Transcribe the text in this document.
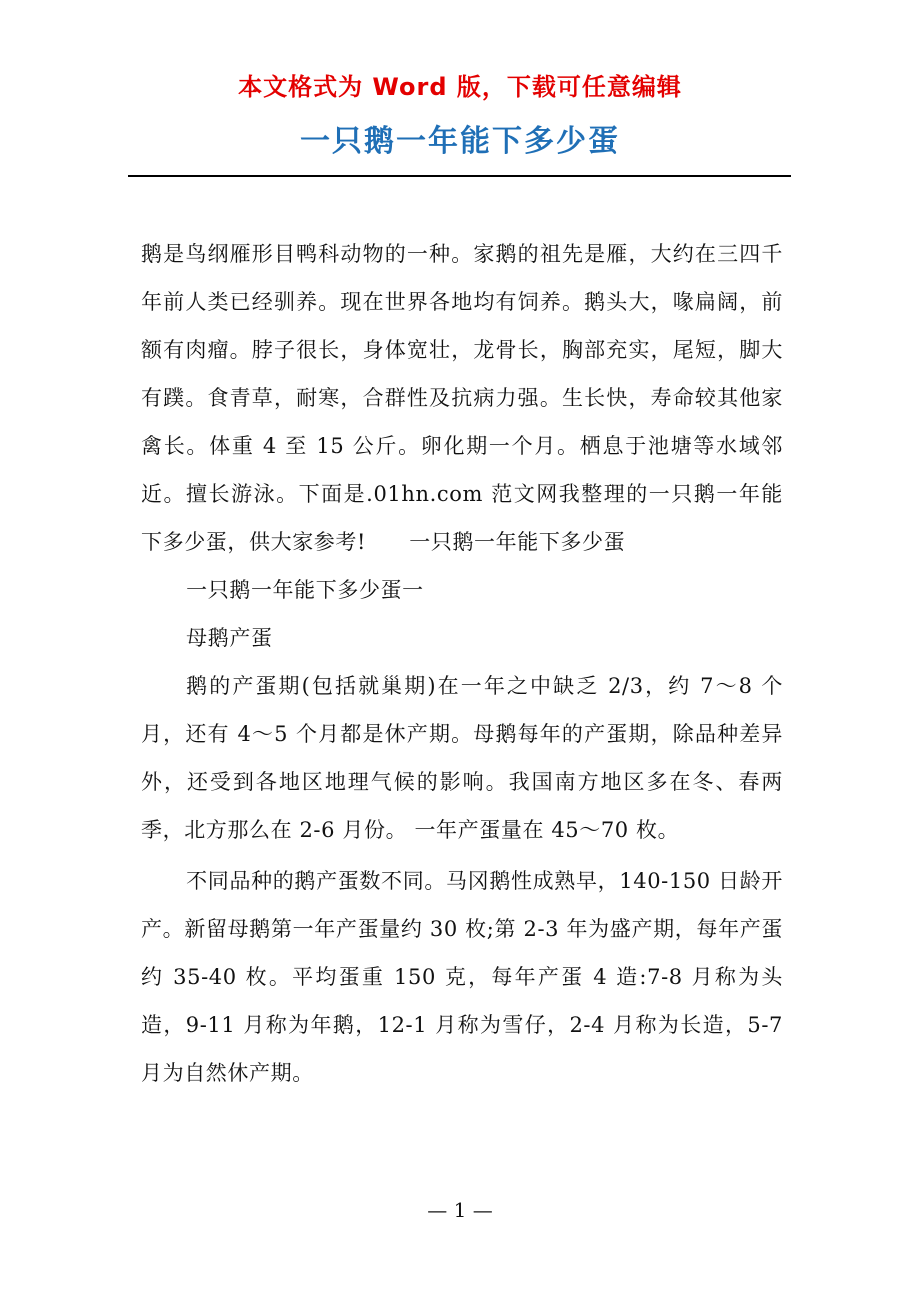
本文格式为 Word 版，下载可任意编辑
一只鹅一年能下多少蛋

鹅是鸟纲雁形目鸭科动物的一种。家鹅的祖先是雁，大约在三四千年前人类已经驯养。现在世界各地均有饲养。鹅头大，喙扁阔，前额有肉瘤。脖子很长，身体宽壮，龙骨长，胸部充实，尾短，脚大有蹼。食青草，耐寒，合群性及抗病力强。生长快，寿命较其他家禽长。体重 4 至 15 公斤。卵化期一个月。栖息于池塘等水域邻近。擅长游泳。下面是.01hn.com 范文网我整理的一只鹅一年能下多少蛋，供大家参考!　　一只鹅一年能下多少蛋

一只鹅一年能下多少蛋一

母鹅产蛋

鹅的产蛋期(包括就巢期)在一年之中缺乏 2/3，约 7～8 个月，还有 4～5 个月都是休产期。母鹅每年的产蛋期，除品种差异外，还受到各地区地理气候的影响。我国南方地区多在冬、春两季，北方那么在 2-6 月份。 一年产蛋量在 45～70 枚。

不同品种的鹅产蛋数不同。马冈鹅性成熟早，140-150 日龄开产。新留母鹅第一年产蛋量约 30 枚;第 2-3 年为盛产期，每年产蛋约 35-40 枚。平均蛋重 150 克，每年产蛋 4 造:7-8 月称为头造，9-11 月称为年鹅，12-1 月称为雪仔，2-4 月称为长造，5-7 月为自然休产期。

— 1 —
